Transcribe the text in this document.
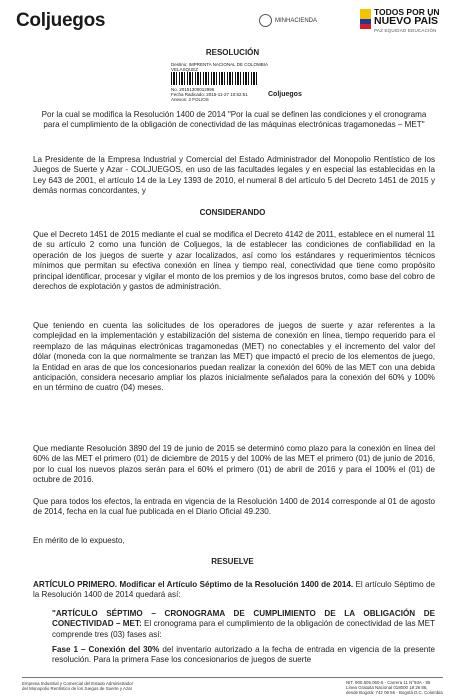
Coljuegos	MINHACIENDA
TODOS POR UN
NUEVO PAÍS
PAZ EQUIDAD EDUCACIÓN
RESOLUCIÓN
Destino: IMPRENTA NACIONAL DE COLOMBIA
VELASQUEZ
No. 20151300012996
Fecha Radicado: 2015-11-27 10:52:51
Anexos: 2 FOLIOS
Coljuegos
Por la cual se modifica la Resolución 1400 de 2014 "Por la cual se definen las condiciones y el cronograma para el cumplimiento de la obligación de conectividad de las máquinas electrónicas tragamonedas – MET"
La Presidente de la Empresa Industrial y Comercial del Estado Administrador del Monopolio Rentístico de los Juegos de Suerte y Azar - COLJUEGOS, en uso de las facultades legales y en especial las establecidas en la Ley 643 de 2001, el artículo 14 de la Ley 1393 de 2010, el numeral 8 del artículo 5 del Decreto 1451 de 2015 y demás normas concordantes, y
CONSIDERANDO
Que el Decreto 1451 de 2015 mediante el cual se modifica el Decreto 4142 de 2011, establece en el numeral 11 de su artículo 2 como una función de Coljuegos, la de establecer las condiciones de confiabilidad en la operación de los juegos de suerte y azar localizados, así como los estándares y requerimientos técnicos mínimos que permitan su efectiva conexión en línea y tiempo real, conectividad que tiene como propósito principal identificar, procesar y vigilar el monto de los premios y de los ingresos brutos, como base del cobro de derechos de explotación y gastos de administración.
Que teniendo en cuenta las solicitudes de los operadores de juegos de suerte y azar referentes a la complejidad en la implementación y estabilización del sistema de conexión en línea, tiempo requerido para el reemplazo de las máquinas electrónicas tragamonedas (MET) no conectables y el incremento del valor del dólar (moneda con la que normalmente se tranzan las MET) que impactó el precio de los elementos de juego, la Entidad en aras de que los concesionarios puedan realizar la conexión del 60% de las MET con una debida anticipación, considera necesario ampliar los plazos inicialmente señalados para la conexión del 60% y 100% en un término de cuatro (04) meses.
Que mediante Resolución 3890 del 19 de junio de 2015 se determinó como plazo para la conexión en línea del 60% de las MET el primero (01) de diciembre de 2015 y del 100% de las MET el primero (01) de junio de 2016, por lo cual los nuevos plazos serán para el 60% el primero (01) de abril de 2016 y para el 100% el (01) de octubre de 2016.
Que para todos los efectos, la entrada en vigencia de la Resolución 1400 de 2014 corresponde al 01 de agosto de 2014, fecha en la cual fue publicada en el Diario Oficial 49.230.
En mérito de lo expuesto,
RESUELVE
ARTÍCULO PRIMERO. Modificar el Artículo Séptimo de la Resolución 1400 de 2014. El artículo Séptimo de la Resolución 1400 de 2014 quedará así:
"ARTÍCULO SÉPTIMO – CRONOGRAMA DE CUMPLIMIENTO DE LA OBLIGACIÓN DE CONECTIVIDAD – MET: El cronograma para el cumplimiento de la obligación de conectividad de las MET comprende tres (03) fases así:
Fase 1 – Conexión del 30% del inventario autorizado a la fecha de entrada en vigencia de la presente resolución. Para la primera Fase los concesionarios de juegos de suerte
Empresa Industrial y Comercial del Estado Administrador
del Monopolio Rentístico de los Juegos de Suerte y Azar
NIT. 900.505.060-5 - Carrera 11 N°93A - 85
Línea Gratuita Nacional 018000 18 26 86,
desde Bogotá: 742 06 56 - Bogotá D.C. Colombia
